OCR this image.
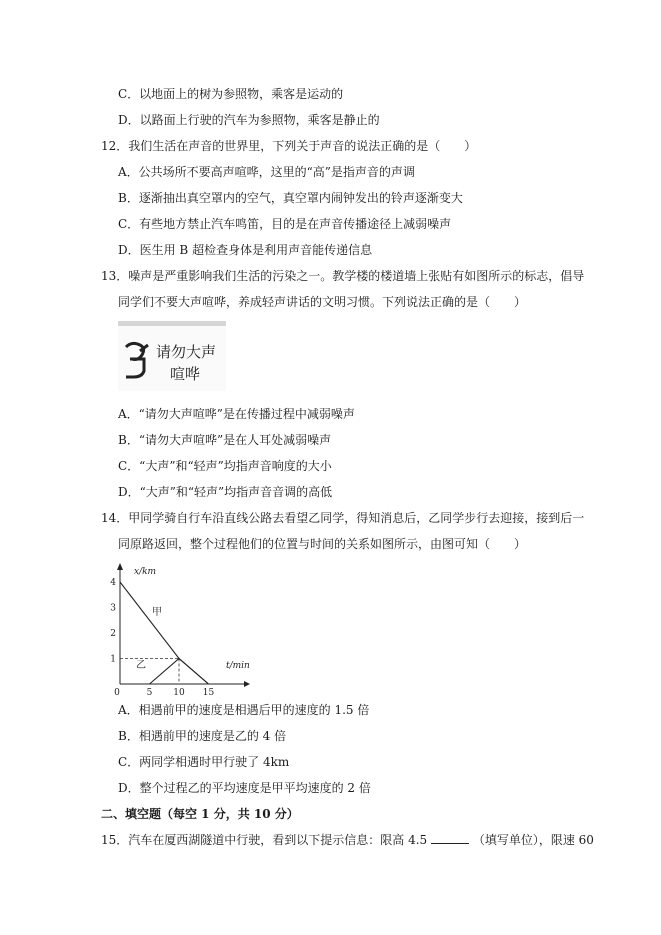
C．以地面上的树为参照物，乘客是运动的
D．以路面上行驶的汽车为参照物，乘客是静止的
12．我们生活在声音的世界里，下列关于声音的说法正确的是（　　）
A．公共场所不要高声喧哗，这里的“高”是指声音的声调
B．逐渐抽出真空罩内的空气，真空罩内闹钟发出的铃声逐渐变大
C．有些地方禁止汽车鸣笛，目的是在声音传播途径上减弱噪声
D．医生用 B 超检查身体是利用声音能传递信息
13．噪声是严重影响我们生活的污染之一。教学楼的楼道墙上张贴有如图所示的标志，倡导
同学们不要大声喧哗，养成轻声讲话的文明习惯。下列说法正确的是（　　）
请勿大声
喧哗
A．“请勿大声喧哗”是在传播过程中减弱噪声
B．“请勿大声喧哗”是在人耳处减弱噪声
C．“大声”和“轻声”均指声音响度的大小
D．“大声”和“轻声”均指声音音调的高低
14．甲同学骑自行车沿直线公路去看望乙同学，得知消息后，乙同学步行去迎接，接到后一
同原路返回，整个过程他们的位置与时间的关系如图所示，由图可知（　　）
0	5 10 15
1
2
3
4
x/km
t/min
甲
乙
A．相遇前甲的速度是相遇后甲的速度的 1.5 倍
B．相遇前甲的速度是乙的 4 倍
C．两同学相遇时甲行驶了 4km
D．整个过程乙的平均速度是甲平均速度的 2 倍
二、填空题（每空 1 分，共 10 分）
15．汽车在厦西湖隧道中行驶，看到以下提示信息：限高 4.5	（填写单位），限速 60
